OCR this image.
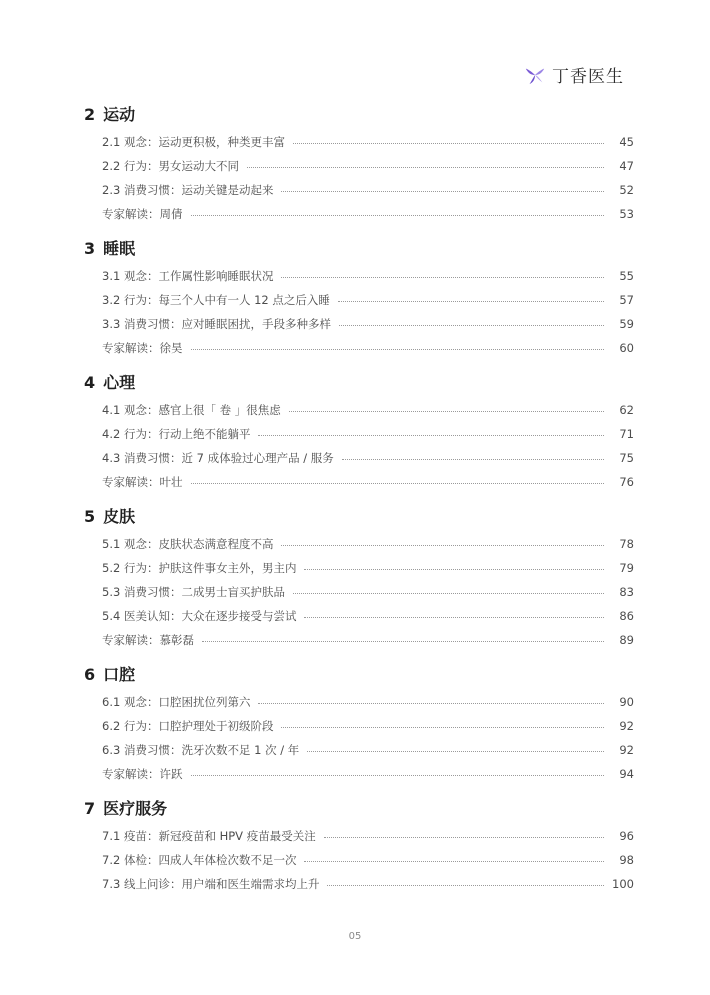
丁香医生
2 运动
2.1 观念：运动更积极，种类更丰富	45
2.2 行为：男女运动大不同	47
2.3 消费习惯：运动关键是动起来	52
专家解读：周倩	53
3 睡眠
3.1 观念：工作属性影响睡眠状况	55
3.2 行为：每三个人中有一人 12 点之后入睡	57
3.3 消费习惯：应对睡眠困扰，手段多种多样	59
专家解读：徐昊	60
4 心理
4.1 观念：感官上很「 卷 」很焦虑	62
4.2 行为：行动上绝不能躺平	71
4.3 消费习惯：近 7 成体验过心理产品 / 服务	75
专家解读：叶壮	76
5 皮肤
5.1 观念：皮肤状态满意程度不高	78
5.2 行为：护肤这件事女主外，男主内	79
5.3 消费习惯：二成男士盲买护肤品	83
5.4 医美认知：大众在逐步接受与尝试	86
专家解读：慕彰磊	89
6 口腔
6.1 观念：口腔困扰位列第六	90
6.2 行为：口腔护理处于初级阶段	92
6.3 消费习惯：洗牙次数不足 1 次 / 年	92
专家解读：许跃	94
7 医疗服务
7.1 疫苗：新冠疫苗和 HPV 疫苗最受关注	96
7.2 体检：四成人年体检次数不足一次	98
7.3 线上问诊：用户端和医生端需求均上升	100
05
